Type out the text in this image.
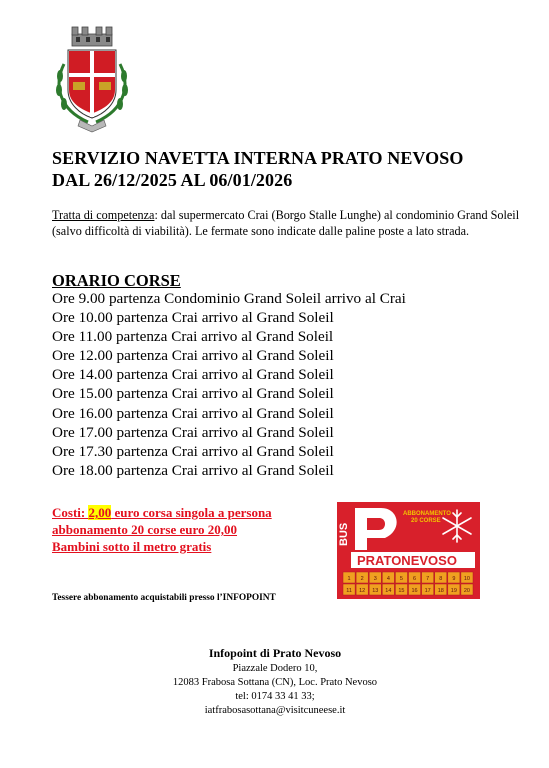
SERVIZIO NAVETTA INTERNA PRATO NEVOSO
DAL 26/12/2025 AL 06/01/2026
Tratta di competenza: dal supermercato Crai (Borgo Stalle Lunghe) al condominio Grand Soleil (salvo difficoltà di viabilità). Le fermate sono indicate dalle paline poste a lato strada.
ORARIO CORSE
Ore 9.00 partenza Condominio Grand Soleil arrivo al Crai
Ore 10.00 partenza Crai arrivo al Grand Soleil
Ore 11.00 partenza Crai arrivo al Grand Soleil
Ore 12.00 partenza Crai arrivo al Grand Soleil
Ore 14.00 partenza Crai arrivo al Grand Soleil
Ore 15.00 partenza Crai arrivo al Grand Soleil
Ore 16.00 partenza Crai arrivo al Grand Soleil
Ore 17.00 partenza Crai arrivo al Grand Soleil
Ore 17.30 partenza Crai arrivo al Grand Soleil
Ore 18.00 partenza Crai arrivo al Grand Soleil
Costi: 2,00 euro corsa singola a persona
abbonamento 20 corse euro 20,00
Bambini sotto il metro gratis
BUS
ABBONAMENTO
20 CORSE
PRATONEVOSO
1 2 3 4 5 6 7 8 9 10
11 12 13 14 15 16 17 18 19 20
Tessere abbonamento acquistabili presso l’INFOPOINT
Infopoint di Prato Nevoso
Piazzale Dodero 10,
12083 Frabosa Sottana (CN), Loc. Prato Nevoso
tel: 0174 33 41 33;
iatfrabosasottana@visitcuneese.it
